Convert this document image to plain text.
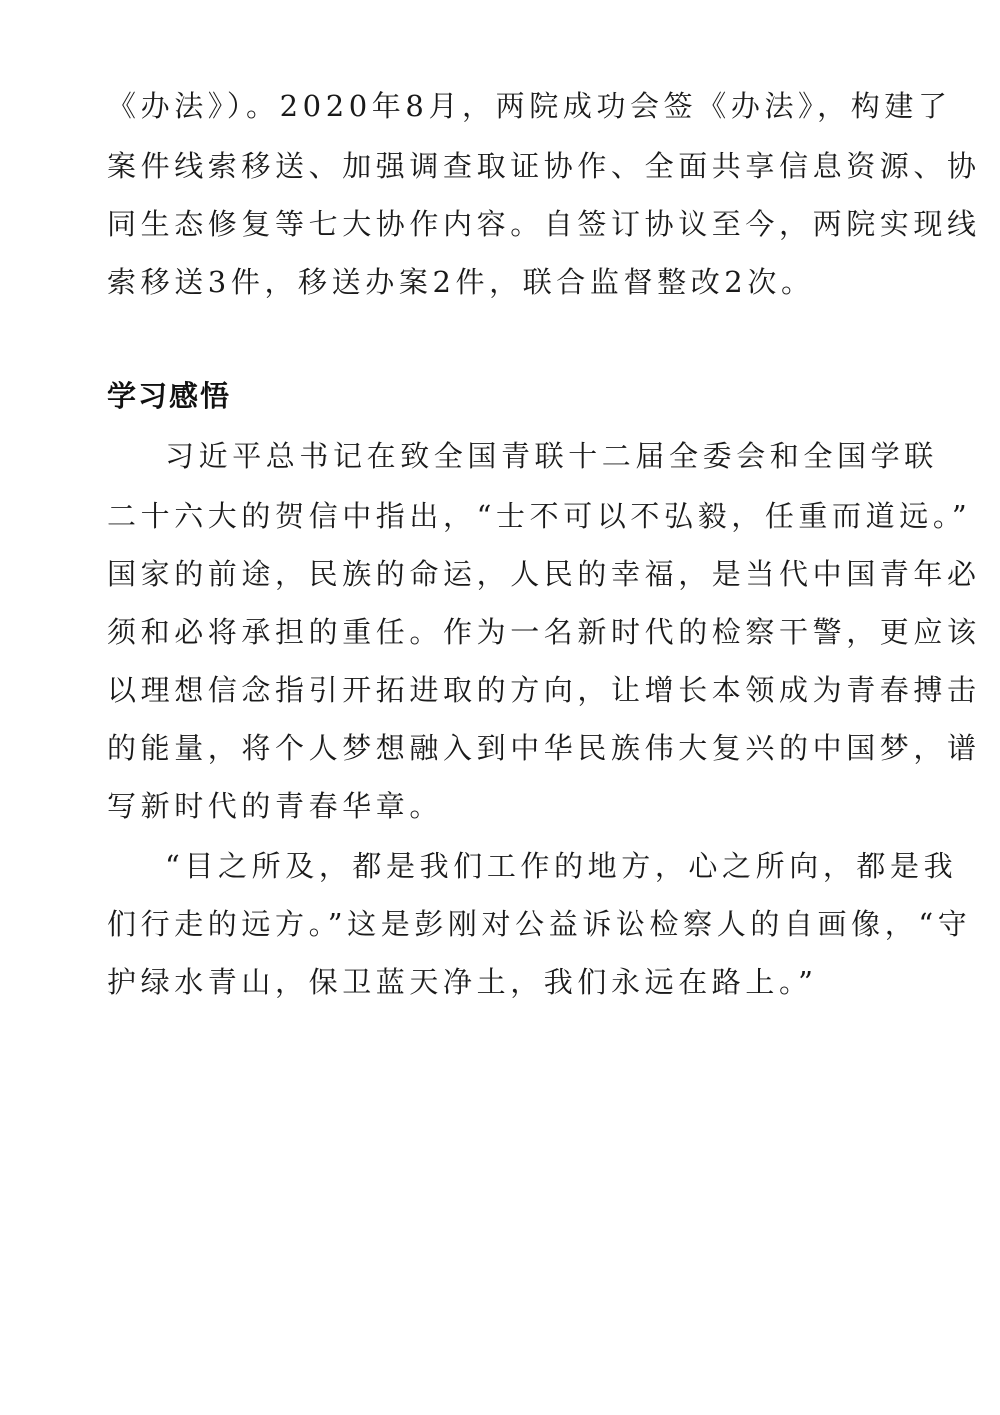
《办法》）。2020年8月，两院成功会签《办法》，构建了
案件线索移送、加强调查取证协作、全面共享信息资源、协
同生态修复等七大协作内容。自签订协议至今，两院实现线
索移送3件，移送办案2件，联合监督整改2次。
学习感悟
习近平总书记在致全国青联十二届全委会和全国学联
二十六大的贺信中指出，“士不可以不弘毅，任重而道远。”
国家的前途，民族的命运，人民的幸福，是当代中国青年必
须和必将承担的重任。作为一名新时代的检察干警，更应该
以理想信念指引开拓进取的方向，让增长本领成为青春搏击
的能量，将个人梦想融入到中华民族伟大复兴的中国梦，谱
写新时代的青春华章。
“目之所及，都是我们工作的地方，心之所向，都是我
们行走的远方。”这是彭刚对公益诉讼检察人的自画像，“守
护绿水青山，保卫蓝天净土，我们永远在路上。”
